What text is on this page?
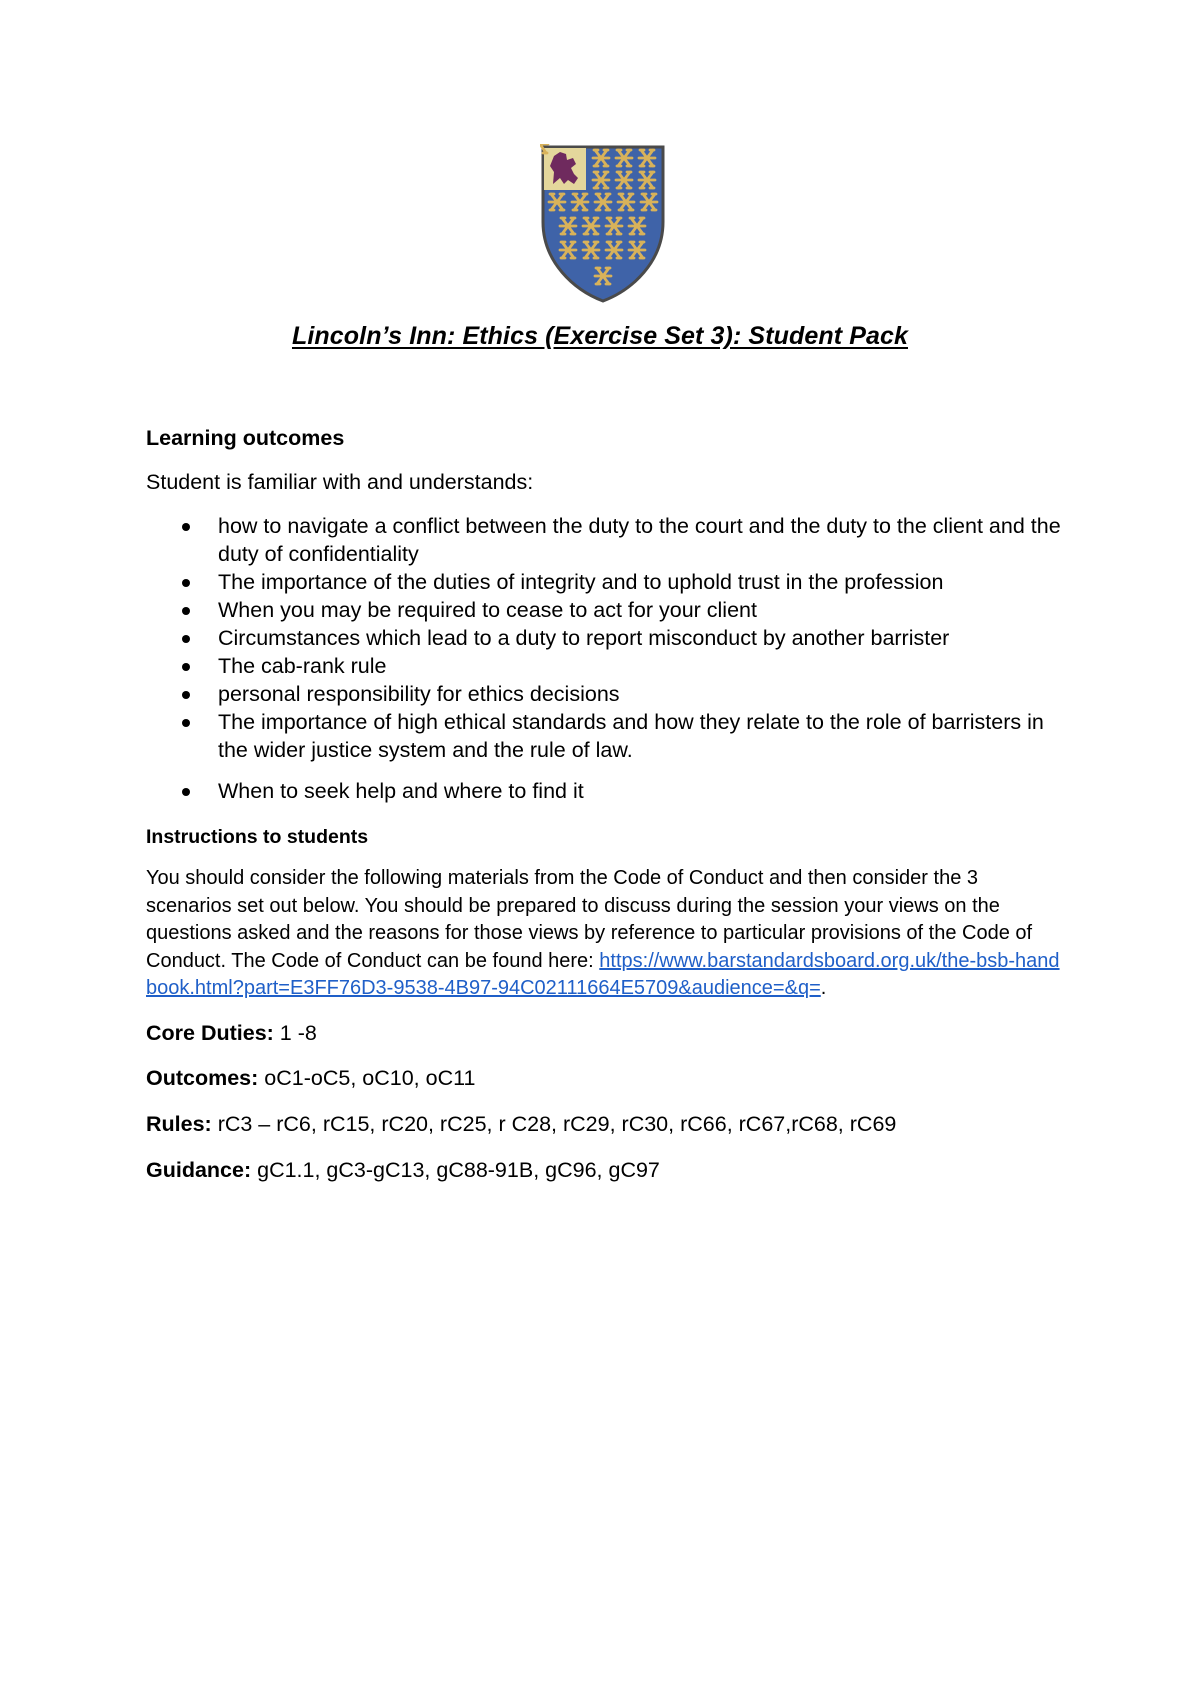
Lincoln’s Inn: Ethics (Exercise Set 3): Student Pack
Learning outcomes
Student is familiar with and understands:
how to navigate a conflict between the duty to the court and the duty to the client and the duty of confidentiality
The importance of the duties of integrity and to uphold trust in the profession
When you may be required to cease to act for your client
Circumstances which lead to a duty to report misconduct by another barrister
The cab-rank rule
personal responsibility for ethics decisions
The importance of high ethical standards and how they relate to the role of barristers in the wider justice system and the rule of law.
When to seek help and where to find it
Instructions to students
You should consider the following materials from the Code of Conduct and then consider the 3 scenarios set out below. You should be prepared to discuss during the session your views on the questions asked and the reasons for those views by reference to particular provisions of the Code of Conduct. The Code of Conduct can be found here: https://www.barstandardsboard.org.uk/the-bsb-handbook.html?part=E3FF76D3-9538-4B97-94C02111664E5709&audience=&q=.
Core Duties: 1 -8
Outcomes: oC1-oC5, oC10, oC11
Rules: rC3 – rC6, rC15, rC20, rC25, r C28, rC29, rC30, rC66, rC67,rC68, rC69
Guidance: gC1.1, gC3-gC13, gC88-91B, gC96, gC97
